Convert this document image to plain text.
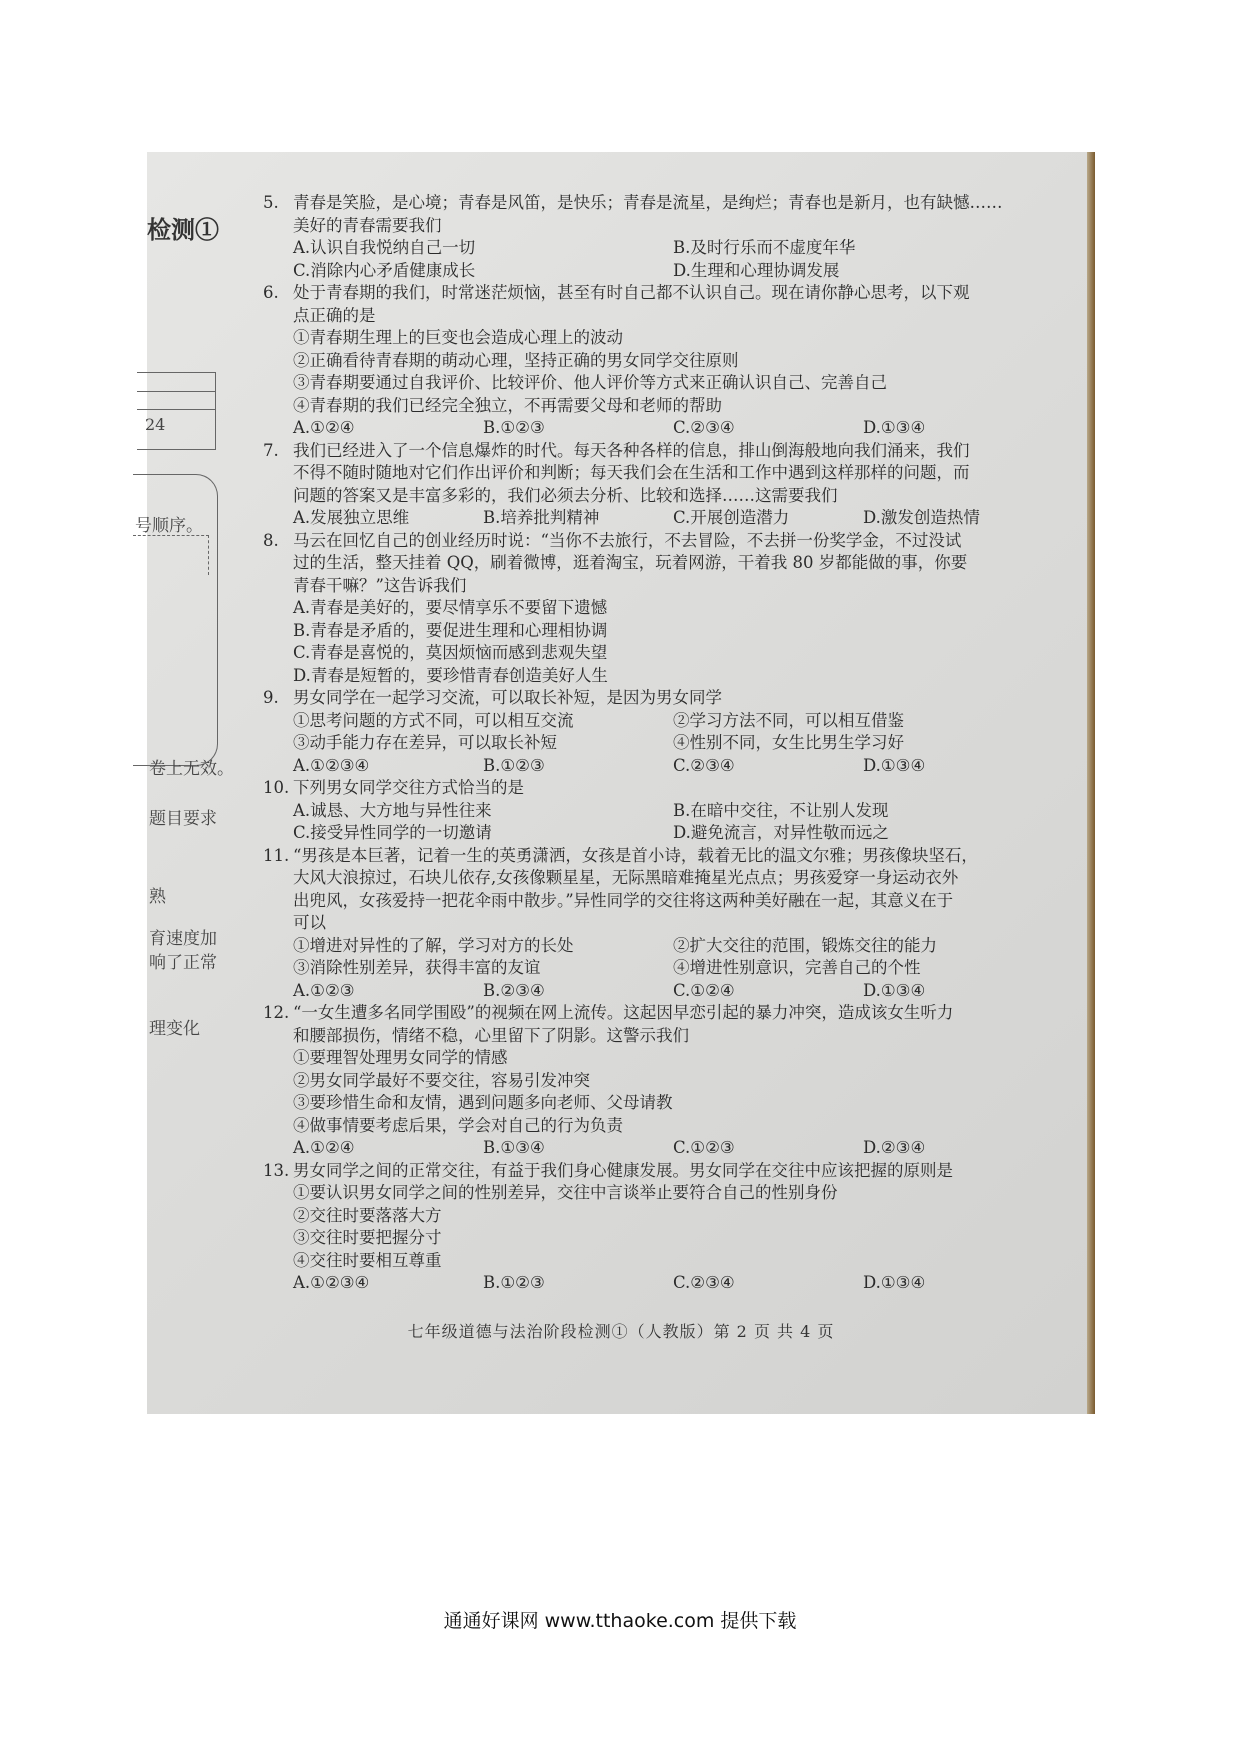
检测①
24
号顺序。
卷上无效。
题目要求
熟
育速度加
响了正常
理变化
5. 青春是笑脸，是心境；青春是风笛，是快乐；青春是流星，是绚烂；青春也是新月，也有缺憾……
美好的青春需要我们
A.认识自我悦纳自己一切	B.及时行乐而不虚度年华
C.消除内心矛盾健康成长	D.生理和心理协调发展
6. 处于青春期的我们，时常迷茫烦恼，甚至有时自己都不认识自己。现在请你静心思考，以下观
点正确的是
①青春期生理上的巨变也会造成心理上的波动
②正确看待青春期的萌动心理，坚持正确的男女同学交往原则
③青春期要通过自我评价、比较评价、他人评价等方式来正确认识自己、完善自己
④青春期的我们已经完全独立，不再需要父母和老师的帮助
A.①②④	B.①②③	C.②③④	D.①③④
7. 我们已经进入了一个信息爆炸的时代。每天各种各样的信息，排山倒海般地向我们涌来，我们
不得不随时随地对它们作出评价和判断；每天我们会在生活和工作中遇到这样那样的问题，而
问题的答案又是丰富多彩的，我们必须去分析、比较和选择……这需要我们
A.发展独立思维	B.培养批判精神	C.开展创造潜力	D.激发创造热情
8. 马云在回忆自己的创业经历时说：“当你不去旅行，不去冒险，不去拼一份奖学金，不过没试
过的生活，整天挂着 QQ，刷着微博，逛着淘宝，玩着网游，干着我 80 岁都能做的事，你要
青春干嘛？”这告诉我们
A.青春是美好的，要尽情享乐不要留下遗憾
B.青春是矛盾的，要促进生理和心理相协调
C.青春是喜悦的，莫因烦恼而感到悲观失望
D.青春是短暂的，要珍惜青春创造美好人生
9. 男女同学在一起学习交流，可以取长补短，是因为男女同学
①思考问题的方式不同，可以相互交流	②学习方法不同，可以相互借鉴
③动手能力存在差异，可以取长补短	④性别不同，女生比男生学习好
A.①②③④	B.①②③	C.②③④	D.①③④
10. 下列男女同学交往方式恰当的是
A.诚恳、大方地与异性往来	B.在暗中交往，不让别人发现
C.接受异性同学的一切邀请	D.避免流言，对异性敬而远之
11. “男孩是本巨著，记着一生的英勇潇洒，女孩是首小诗，载着无比的温文尔雅；男孩像块坚石，
大风大浪掠过，石块儿依存,女孩像颗星星，无际黑暗难掩星光点点；男孩爱穿一身运动衣外
出兜风，女孩爱持一把花伞雨中散步。”异性同学的交往将这两种美好融在一起，其意义在于
可以
①增进对异性的了解，学习对方的长处	②扩大交往的范围，锻炼交往的能力
③消除性别差异，获得丰富的友谊	④增进性别意识，完善自己的个性
A.①②③	B.②③④	C.①②④	D.①③④
12. “一女生遭多名同学围殴”的视频在网上流传。这起因早恋引起的暴力冲突，造成该女生听力
和腰部损伤，情绪不稳，心里留下了阴影。这警示我们
①要理智处理男女同学的情感
②男女同学最好不要交往，容易引发冲突
③要珍惜生命和友情，遇到问题多向老师、父母请教
④做事情要考虑后果，学会对自己的行为负责
A.①②④	B.①③④	C.①②③	D.②③④
13. 男女同学之间的正常交往，有益于我们身心健康发展。男女同学在交往中应该把握的原则是
①要认识男女同学之间的性别差异，交往中言谈举止要符合自己的性别身份
②交往时要落落大方
③交往时要把握分寸
④交往时要相互尊重
A.①②③④	B.①②③	C.②③④	D.①③④
七年级道德与法治阶段检测①（人教版）第 2 页 共 4 页
通通好课网 www.tthaoke.com 提供下载
